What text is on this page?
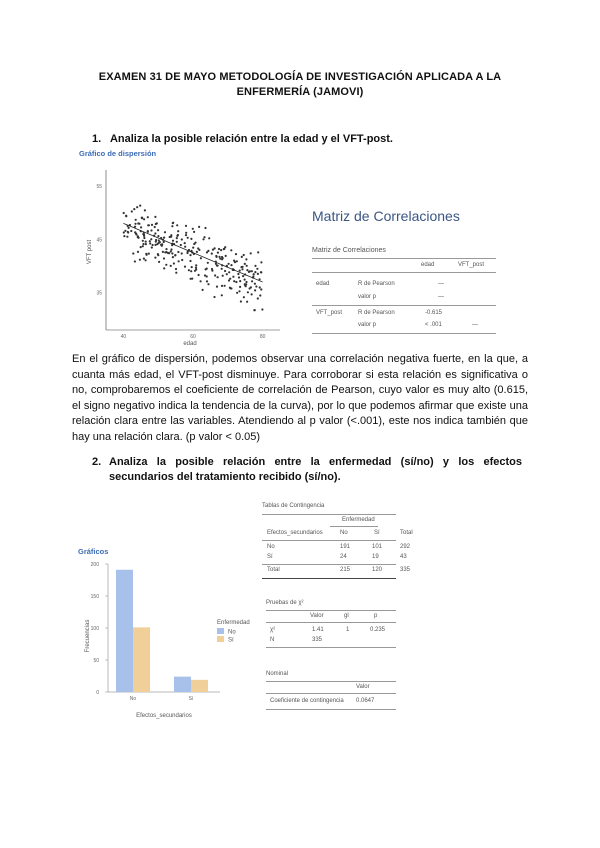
EXAMEN 31 DE MAYO METODOLOGÍA DE INVESTIGACIÓN APLICADA A LA ENFERMERÍA (JAMOVI)
1. Analiza la posible relación entre la edad y el VFT-post.
Gráfico de dispersión
35
45
55
40	60	80
edad
VFT post
Matriz de Correlaciones
Matriz de Correlaciones
edad	VFT_post
edad	R de Pearson	—
valor p	—
VFT_post	R de Pearson	-0.615
valor p	< .001	—
En el gráfico de dispersión, podemos observar una correlación negativa fuerte, en la que, a cuanta más edad, el VFT-post disminuye. Para corroborar si esta relación es significativa o no, comprobaremos el coeficiente de correlación de Pearson, cuyo valor es muy alto (0.615, el signo negativo indica la tendencia de la curva), por lo que podemos afirmar que existe una relación clara entre las variables. Atendiendo al p valor (<.001), este nos indica también que hay una relación clara. (p valor < 0.05)
2. Analiza la posible relación entre la enfermedad (sí/no) y los efectos secundarios del tratamiento recibido (sí/no).
Gráficos
0
50
100
150
200
No	Sí
Efectos_secundarios
Frecuencias	Enfermedad
No
Sí
Tablas de Contingencia
Enfermedad
Efectos_secundarios	No	Sí	Total
No	191	101	292
Sí	24	19	43
Total	215	120	335
Pruebas de χ²
Valor	gl	p
χ²	1.41	1	0.235
N	335
Nominal
Valor
Coeficiente de contingencia 0.0647
